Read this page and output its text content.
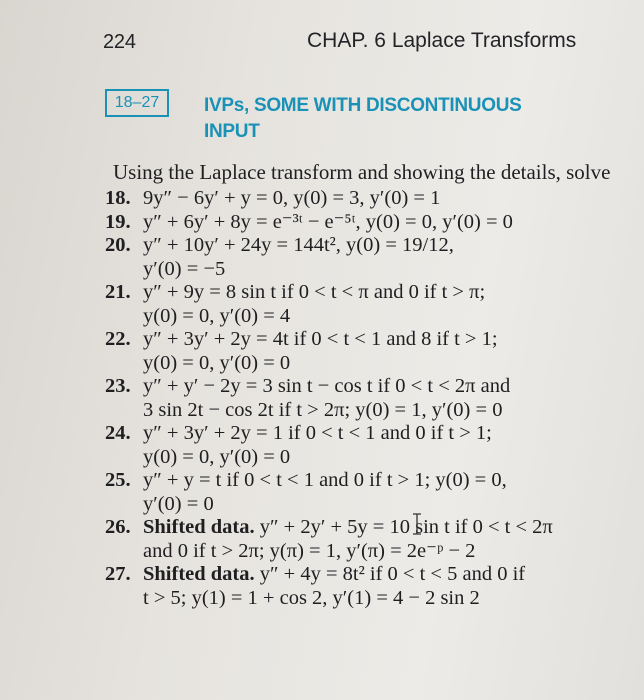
224	CHAP. 6 Laplace Transforms
18–27	IVPs, SOME WITH DISCONTINUOUS
INPUT
Using the Laplace transform and showing the details, solve
18. 9y″ − 6y′ + y = 0, y(0) = 3, y′(0) = 1
19. y″ + 6y′ + 8y = e⁻³ᵗ − e⁻⁵ᵗ, y(0) = 0, y′(0) = 0
20. y″ + 10y′ + 24y = 144t², y(0) = 19/12,
y′(0) = −5
21. y″ + 9y = 8 sin t if 0 < t < π and 0 if t > π;
y(0) = 0, y′(0) = 4
22. y″ + 3y′ + 2y = 4t if 0 < t < 1 and 8 if t > 1;
y(0) = 0, y′(0) = 0
23. y″ + y′ − 2y = 3 sin t − cos t if 0 < t < 2π and
3 sin 2t − cos 2t if t > 2π; y(0) = 1, y′(0) = 0
24. y″ + 3y′ + 2y = 1 if 0 < t < 1 and 0 if t > 1;
y(0) = 0, y′(0) = 0
25. y″ + y = t if 0 < t < 1 and 0 if t > 1; y(0) = 0,
y′(0) = 0
26. Shifted data. y″ + 2y′ + 5y = 10 sin t if 0 < t < 2π
and 0 if t > 2π; y(π) = 1, y′(π) = 2e⁻ᵖ − 2
27. Shifted data. y″ + 4y = 8t² if 0 < t < 5 and 0 if
t > 5; y(1) = 1 + cos 2, y′(1) = 4 − 2 sin 2
